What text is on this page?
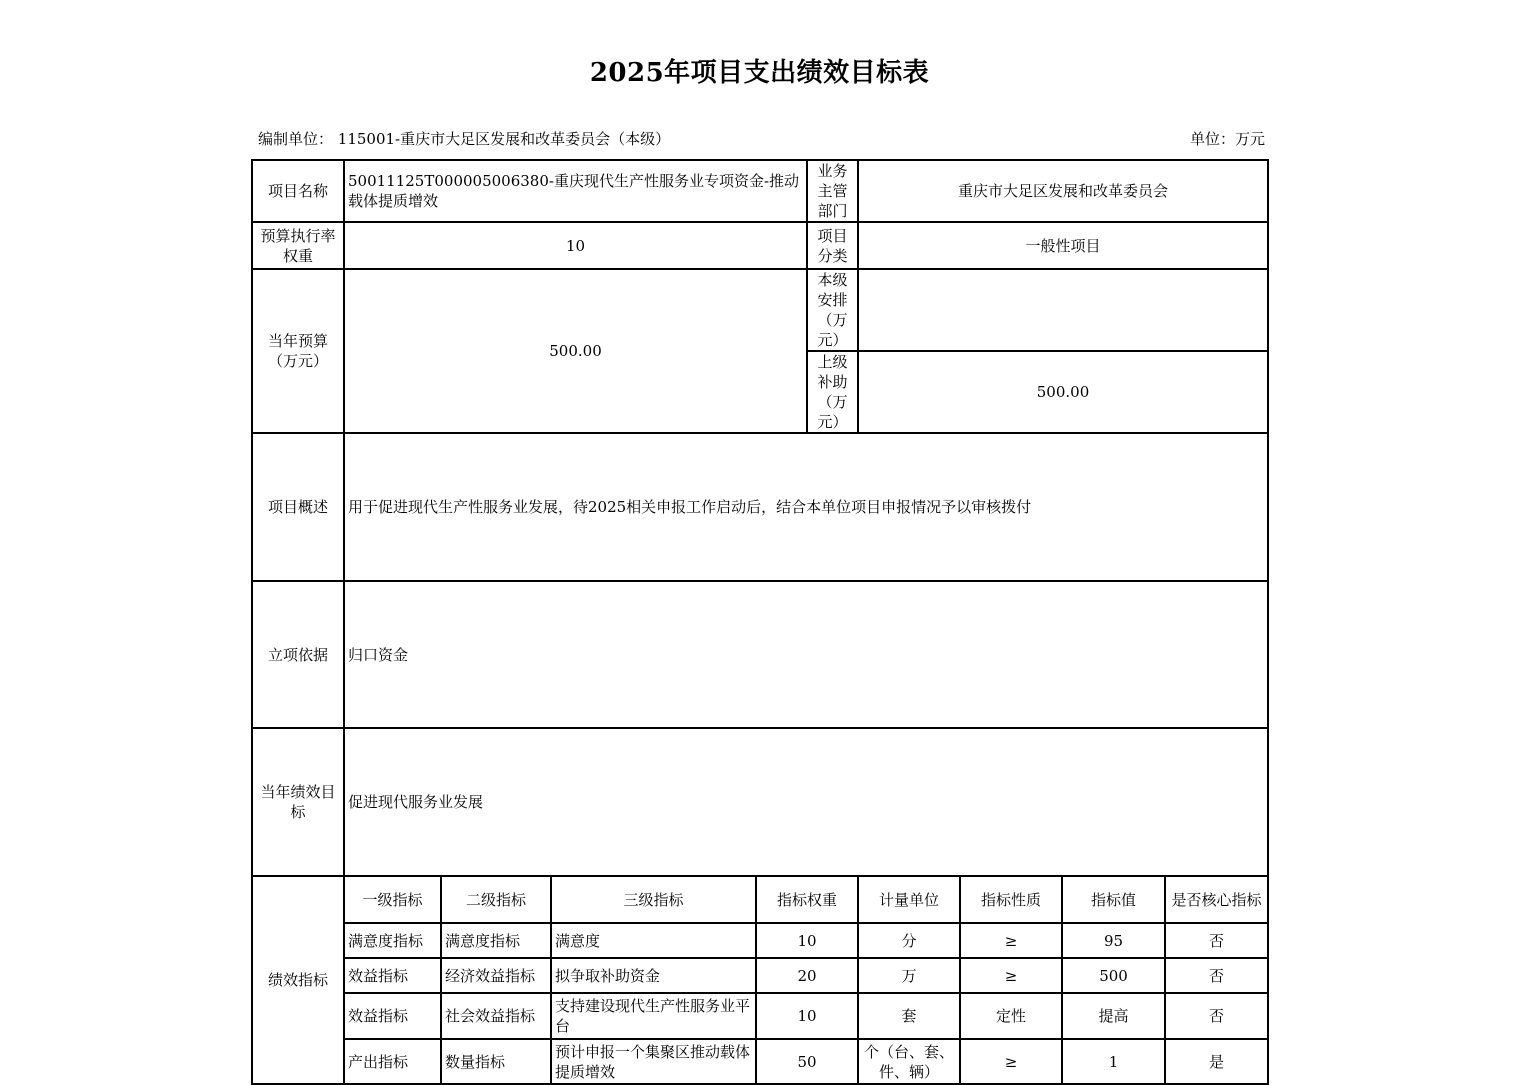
2025年项目支出绩效目标表
编制单位： 115001-重庆市大足区发展和改革委员会（本级）	单位：万元
项目名称	50011125T000005006380-重庆现代生产性服务业专项资金-推动载体提质增效				业务主管部门	重庆市大足区发展和改革委员会			
预算执行率权重	10				项目分类	一般性项目			
当年预算（万元）	500.00				本级安排（万元）				
					上级补助（万元）	500.00			
项目概述	用于促进现代生产性服务业发展，待2025相关申报工作启动后，结合本单位项目申报情况予以审核拨付								
立项依据	归口资金								
当年绩效目标	促进现代服务业发展								
绩效指标	一级指标	二级指标	三级指标	指标权重		计量单位	指标性质	指标值	是否核心指标
	满意度指标	满意度指标	满意度	10		分	≥	95	否
	效益指标	经济效益指标	拟争取补助资金	20		万	≥	500	否
	效益指标	社会效益指标	支持建设现代生产性服务业平台	10		套	定性	提高	否
	产出指标	数量指标	预计申报一个集聚区推动载体提质增效	50		个（台、套、件、辆）	≥	1	是
